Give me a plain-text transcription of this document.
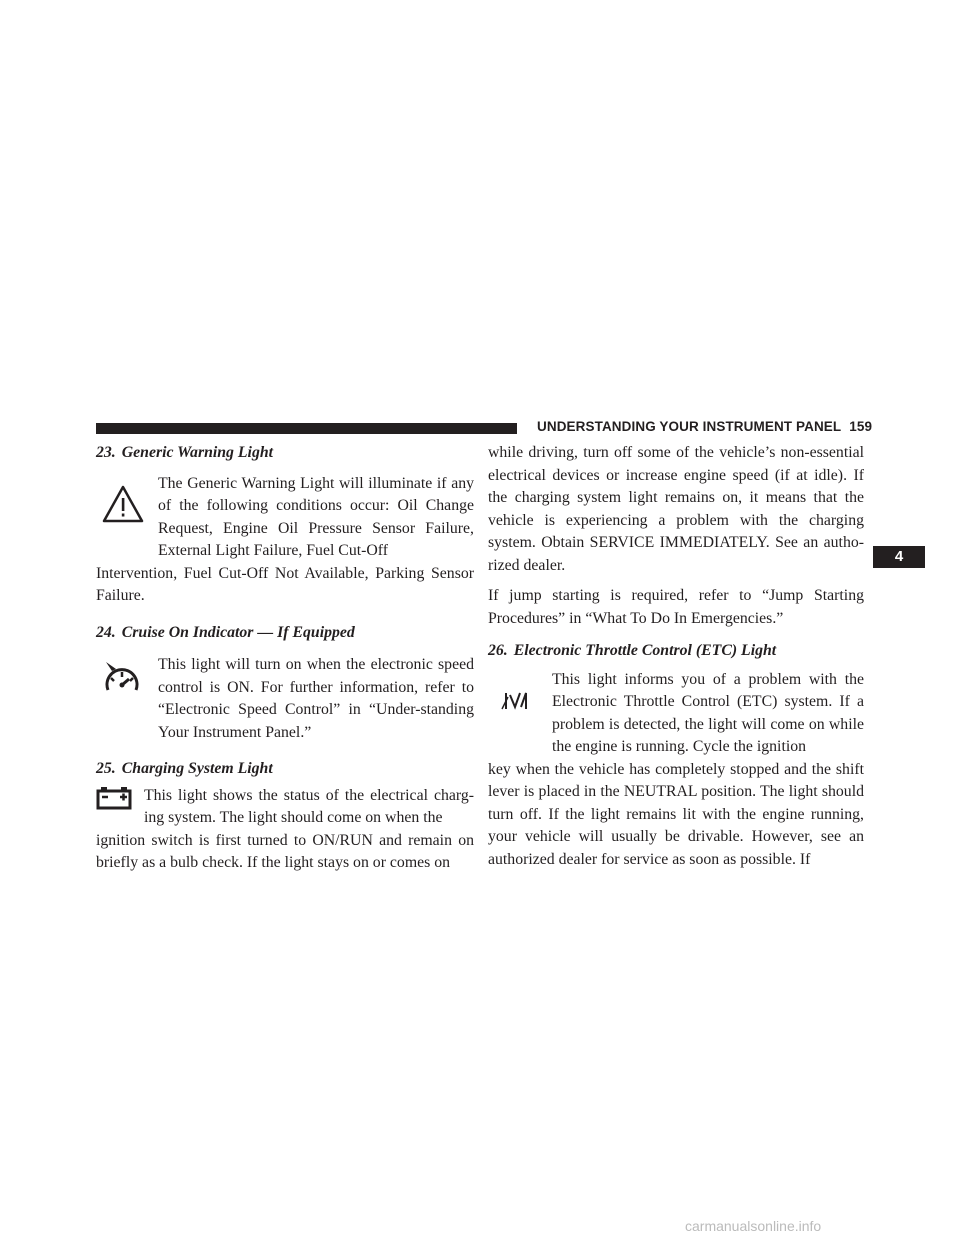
UNDERSTANDING YOUR INSTRUMENT PANEL 159
4

23. Generic Warning Light

The Generic Warning Light will illuminate if any of the following conditions occur: Oil Change Request, Engine Oil Pressure Sensor Failure, External Light Failure, Fuel Cut-Off

Intervention, Fuel Cut-Off Not Available, Parking Sensor Failure.

24. Cruise On Indicator — If Equipped

This light will turn on when the electronic speed control is ON. For further information, refer to “Electronic Speed Control” in “Under-standing Your Instrument Panel.”

25. Charging System Light

This light shows the status of the electrical charg-ing system. The light should come on when the

ignition switch is first turned to ON/RUN and remain on briefly as a bulb check. If the light stays on or comes on

while driving, turn off some of the vehicle’s non-essential electrical devices or increase engine speed (if at idle). If the charging system light remains on, it means that the vehicle is experiencing a problem with the charging system. Obtain SERVICE IMMEDIATELY. See an autho-rized dealer.

If jump starting is required, refer to “Jump Starting Procedures” in “What To Do In Emergencies.”

26. Electronic Throttle Control (ETC) Light

This light informs you of a problem with the Electronic Throttle Control (ETC) system. If a problem is detected, the light will come on while the engine is running. Cycle the ignition

key when the vehicle has completely stopped and the shift lever is placed in the NEUTRAL position. The light should turn off. If the light remains lit with the engine running, your vehicle will usually be drivable. However, see an authorized dealer for service as soon as possible. If

carmanualsonline.info
